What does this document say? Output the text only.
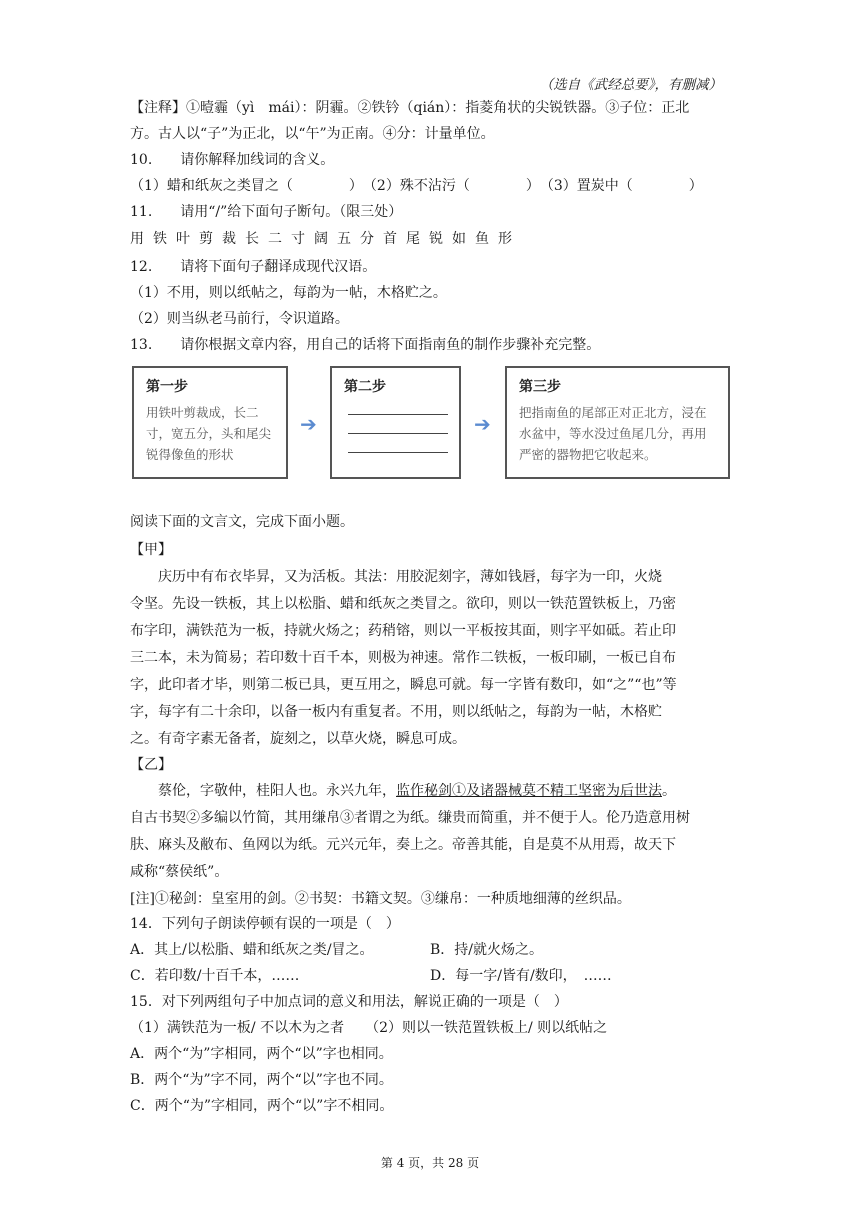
（选自《武经总要》，有删减）
【注释】①曀霾（yì　mái）：阴霾。②铁钤（qián）：指菱角状的尖锐铁器。③子位：正北
方。古人以“子”为正北，以“午”为正南。④分：计量单位。
10.　　请你解释加线词的含义。
（1）蜡和纸灰之类冒之（　　　　）　（2）殊不沾污（　　　　）　（3）置炭中（　　　　）
11.　　请用“/”给下面句子断句。（限三处）
用铁叶剪裁长二寸阔五分首尾锐如鱼形
12.　　请将下面句子翻译成现代汉语。
（1）不用，则以纸帖之，每韵为一帖，木格贮之。
（2）则当纵老马前行，令识道路。
13.　　请你根据文章内容，用自己的话将下面指南鱼的制作步骤补充完整。
第一步
用铁叶剪裁成，长二寸，宽五分，头和尾尖锐得像鱼的形状
➔
第二步
➔
第三步
把指南鱼的尾部正对正北方，浸在水盆中，等水没过鱼尾几分，再用严密的器物把它收起来。
阅读下面的文言文，完成下面小题。
【甲】
庆历中有布衣毕昇，又为活板。其法：用胶泥刻字，薄如钱唇，每字为一印，火烧
令坚。先设一铁板，其上以松脂、蜡和纸灰之类冒之。欲印，则以一铁范置铁板上，乃密
布字印，满铁范为一板，持就火炀之；药稍镕，则以一平板按其面，则字平如砥。若止印
三二本，未为简易；若印数十百千本，则极为神速。常作二铁板，一板印刷，一板已自布
字，此印者才毕，则第二板已具，更互用之，瞬息可就。每一字皆有数印，如“之”“也”等
字，每字有二十余印，以备一板内有重复者。不用，则以纸帖之，每韵为一帖，木格贮
之。有奇字素无备者，旋刻之，以草火烧，瞬息可成。
【乙】
蔡伦，字敬仲，桂阳人也。永兴九年，监作秘剑①及诸器械莫不精工坚密为后世法。
自古书契②多编以竹简，其用缣帛③者谓之为纸。缣贵而简重，并不便于人。伦乃造意用树
肤、麻头及敝布、鱼网以为纸。元兴元年，奏上之。帝善其能，自是莫不从用焉，故天下
咸称“蔡侯纸”。
[注]①秘剑：皇室用的剑。②书契：书籍文契。③缣帛：一种质地细薄的丝织品。
14．下列句子朗读停顿有误的一项是（　）
A．其上/以松脂、蜡和纸灰之类/冒之。	B．持/就火炀之。
C．若印数/十百千本，……	D．每一字/皆有/数印，　……
15．对下列两组句子中加点词的意义和用法，解说正确的一项是（　）
（1）满铁范为一板/ 不以木为之者　　（2）则以一铁范置铁板上/ 则以纸帖之
A．两个“为”字相同，两个“以”字也相同。
B．两个“为”字不同，两个“以”字也不同。
C．两个“为”字相同，两个“以”字不相同。
第 4 页，共 28 页
